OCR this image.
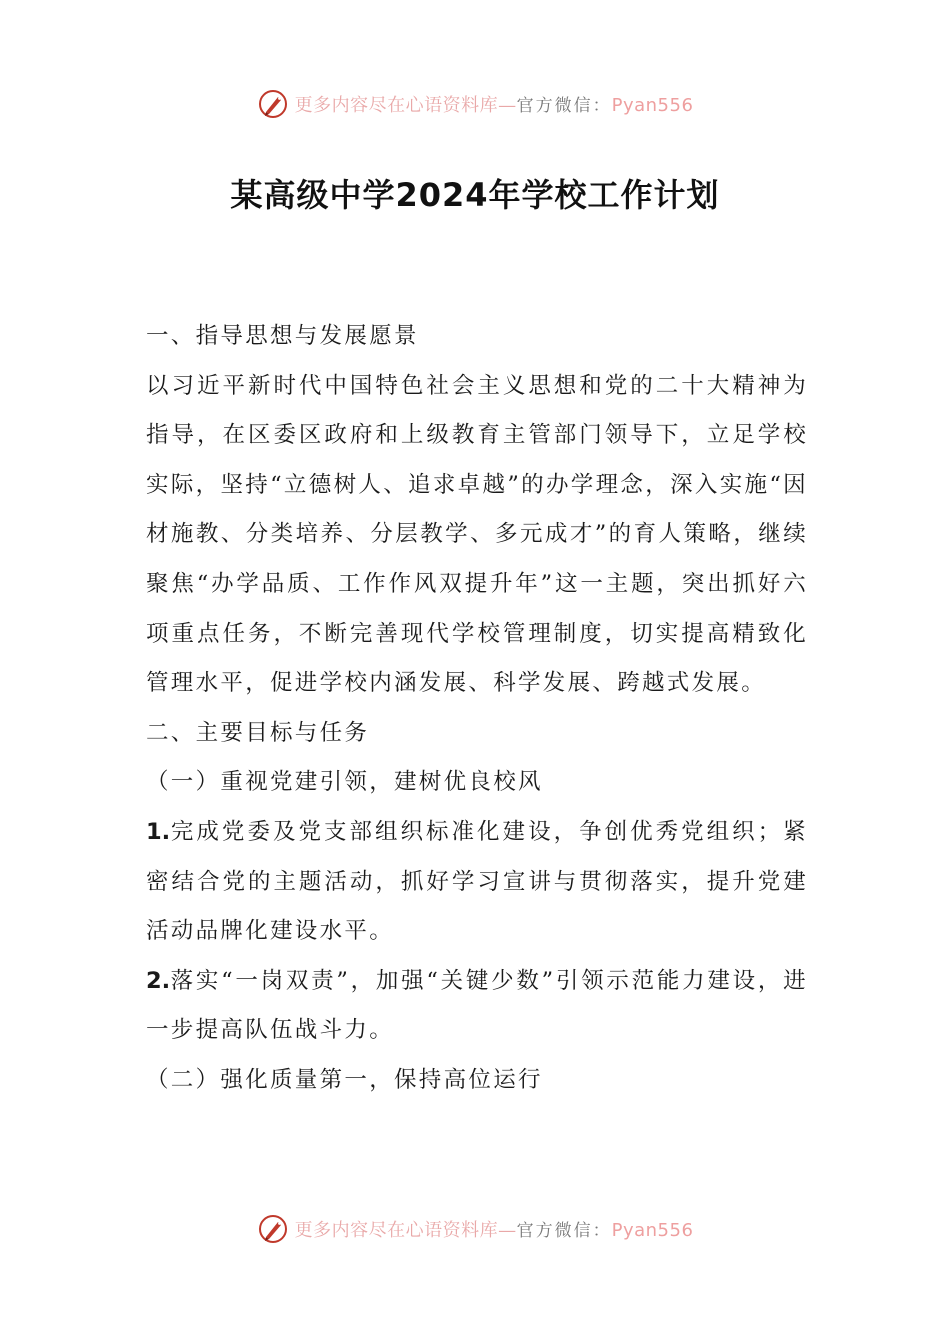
更多内容尽在心语资料库—官方微信：Pyan556
某高级中学2024年学校工作计划

一、指导思想与发展愿景

以习近平新时代中国特色社会主义思想和党的二十大精神为指导，在区委区政府和上级教育主管部门领导下，立足学校实际，坚持“立德树人、追求卓越”的办学理念，深入实施“因材施教、分类培养、分层教学、多元成才”的育人策略，继续聚焦“办学品质、工作作风双提升年”这一主题，突出抓好六项重点任务，不断完善现代学校管理制度，切实提高精致化管理水平，促进学校内涵发展、科学发展、跨越式发展。

二、主要目标与任务

（一）重视党建引领，建树优良校风

1.完成党委及党支部组织标准化建设，争创优秀党组织；紧密结合党的主题活动，抓好学习宣讲与贯彻落实，提升党建活动品牌化建设水平。

2.落实“一岗双责”，加强“关键少数”引领示范能力建设，进一步提高队伍战斗力。

（二）强化质量第一，保持高位运行

更多内容尽在心语资料库—官方微信：Pyan556
